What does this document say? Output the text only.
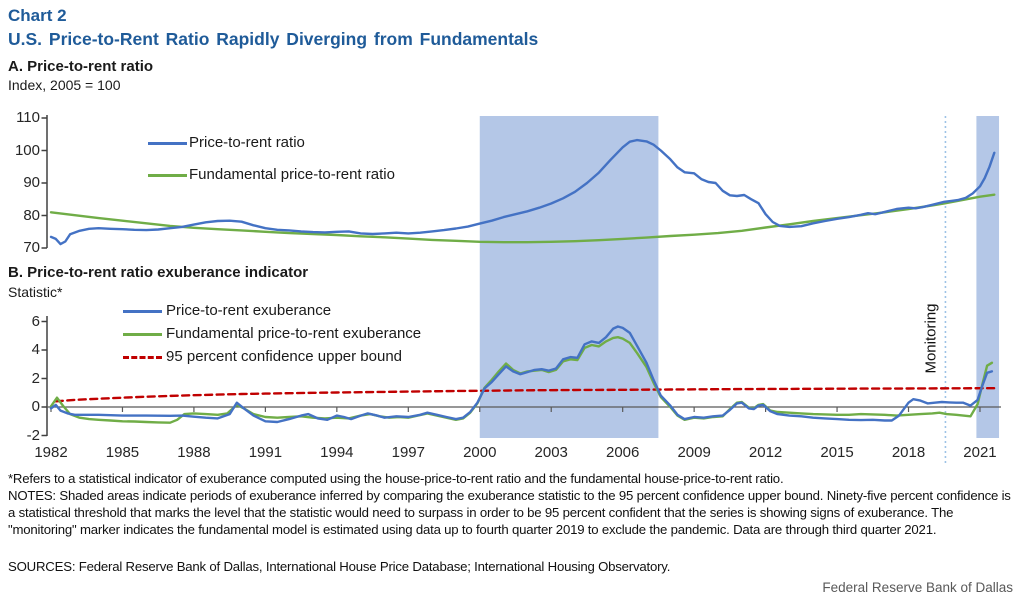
Chart 2
U.S. Price-to-Rent Ratio Rapidly Diverging from Fundamentals
A. Price-to-rent ratio
Index, 2005 = 100
Price-to-rent ratio
Fundamental price-to-rent ratio
B. Price-to-rent ratio exuberance indicator
Statistic*
Price-to-rent exuberance
Fundamental price-to-rent exuberance
95 percent confidence upper bound	Monitoring
*Refers to a statistical indicator of exuberance computed using the house-price-to-rent ratio and the fundamental house-price-to-rent ratio.
NOTES: Shaded areas indicate periods of exuberance inferred by comparing the exuberance statistic to the 95 percent confidence upper bound. Ninety-five percent confidence is a statistical threshold that marks the level that the statistic would need to surpass in order to be 95 percent confident that the series is showing signs of exuberance. The "monitoring" marker indicates the fundamental model is estimated using data up to fourth quarter 2019 to exclude the pandemic. Data are through third quarter 2021.
SOURCES: Federal Reserve Bank of Dallas, International House Price Database; International Housing Observatory.
Federal Reserve Bank of Dallas
70
80
90
100
110
-2
0
2
4
6
1982	1985	1988	1991	1994	1997	2000	2003	2006	2009	2012	2015	2018	2021
